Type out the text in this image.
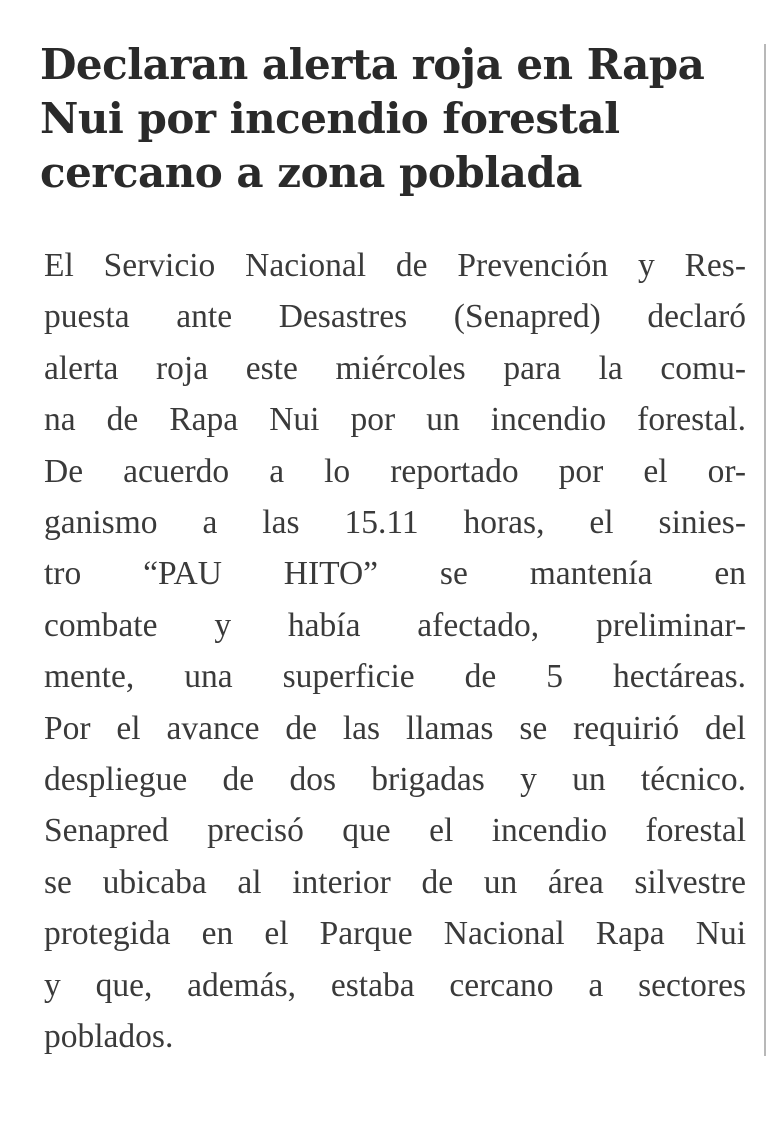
Declaran alerta roja en Rapa
Nui por incendio forestal
cercano a zona poblada
El Servicio Nacional de Prevención y Res-
puesta ante Desastres (Senapred) declaró
alerta roja este miércoles para la comu-
na de Rapa Nui por un incendio forestal.
De acuerdo a lo reportado por el or-
ganismo a las 15.11 horas, el sinies-
tro “PAU HITO” se mantenía en
combate y había afectado, preliminar-
mente, una superficie de 5 hectáreas.
Por el avance de las llamas se requirió del
despliegue de dos brigadas y un técnico.
Senapred precisó que el incendio forestal
se ubicaba al interior de un área silvestre
protegida en el Parque Nacional Rapa Nui
y que, además, estaba cercano a sectores
poblados.
